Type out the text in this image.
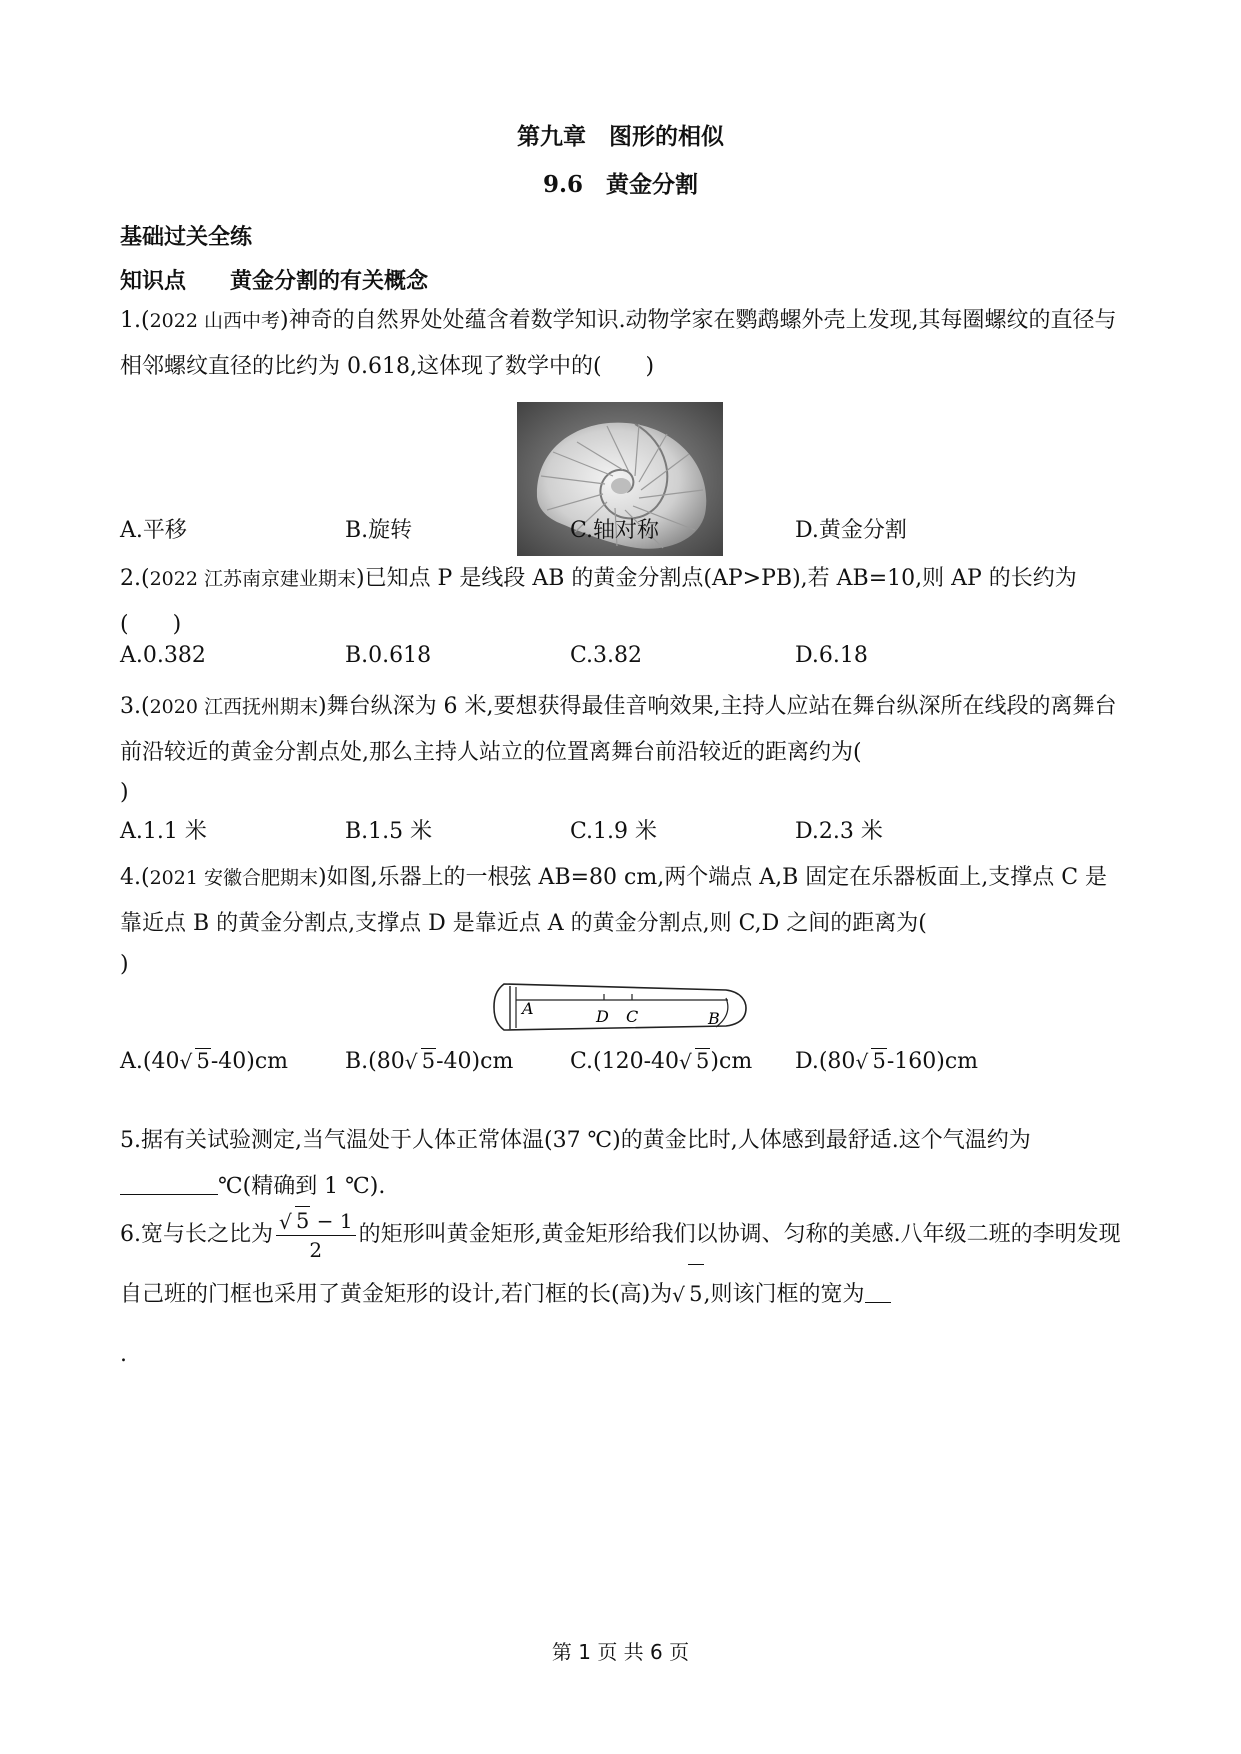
第九章　图形的相似
9.6　黄金分割
基础过关全练
知识点　　黄金分割的有关概念
1.(2022 山西中考)神奇的自然界处处蕴含着数学知识.动物学家在鹦鹉螺外壳上发现,其每圈螺纹的直径与相邻螺纹直径的比约为 0.618,这体现了数学中的(　　)
A.平移	B.旋转	C.轴对称	D.黄金分割
2.(2022 江苏南京建业期末)已知点 P 是线段 AB 的黄金分割点(AP>PB),若 AB=10,则 AP 的长约为(　　)
A.0.382	B.0.618	C.3.82	D.6.18
3.(2020 江西抚州期末)舞台纵深为 6 米,要想获得最佳音响效果,主持人应站在舞台纵深所在线段的离舞台前沿较近的黄金分割点处,那么主持人站立的位置离舞台前沿较近的距离约为(
)
A.1.1 米	B.1.5 米	C.1.9 米	D.2.3 米
4.(2021 安徽合肥期末)如图,乐器上的一根弦 AB=80 cm,两个端点 A,B 固定在乐器板面上,支撑点 C 是靠近点 B 的黄金分割点,支撑点 D 是靠近点 A 的黄金分割点,则 C,D 之间的距离为(
)
A	D C	B
A.(40 √ 5-40)cm	B.(80 √ 5-40)cm	C.(120-40 √ 5)cm D.(80 √ 5-160)cm
5.据有关试验测定,当气温处于人体正常体温(37 ℃)的黄金比时,人体感到最舒适.这个气温约为℃(精确到 1 ℃).
6.宽与长之比为 $\frac{√ 5 - 1}{2}$ 的矩形叫黄金矩形,黄金矩形给我们以协调、匀称的美感.八年级二班的李明发现自己班的门框也采用了黄金矩形的设计,若门框的长(高)为 √ 5,则该门框的宽为
.
第 1 页 共 6 页
